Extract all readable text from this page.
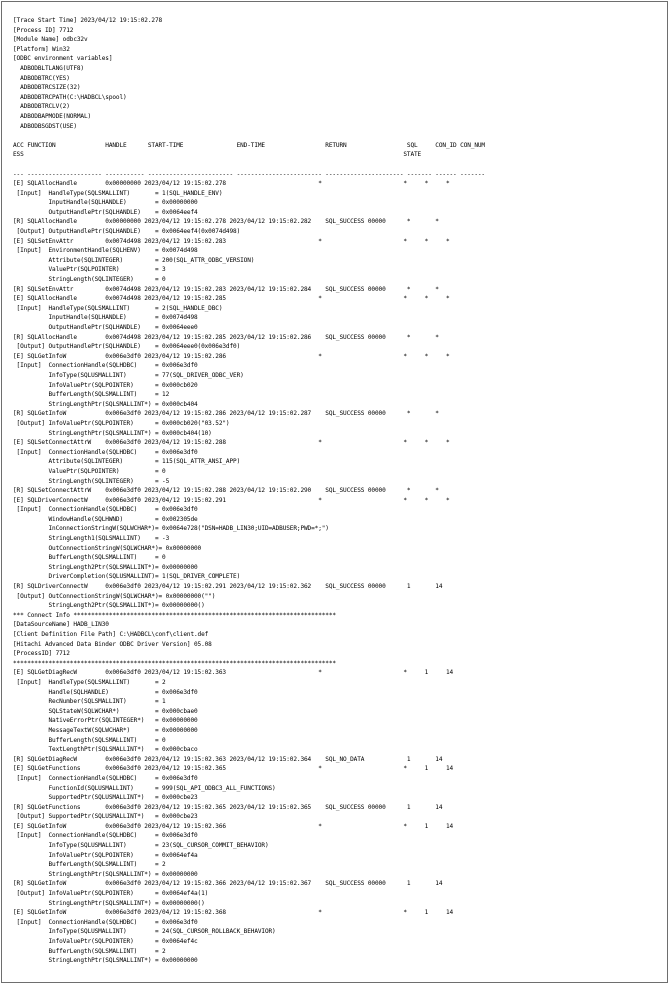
[Trace Start Time] 2023/04/12 19:15:02.278
[Process ID] 7712
[Module Name] odbc32v
[Platform] Win32
[ODBC environment variables]
ADBODBLTLANG(UTF8)
ADBODBTRC(YES)
ADBODBTRCSIZE(32)
ADBODBTRCPATH(C:\HADBCL\spool)
ADBODBTRCLV(2)
ADBODBAPMODE(NORMAL)
ADBODBSGDST(USE)

ACC FUNCTION              HANDLE      START-TIME               END-TIME                 RETURN                 SQL     CON_ID CON_NUM
ESS                                                                                                           STATE

--- --------------------- ----------- ------------------------ ------------------------ ---------------------- ------- ------ -------
[E] SQLAllocHandle        0x00000000 2023/04/12 19:15:02.278                          *                       *     *     *
[Input]  HandleType(SQLSMALLINT)       = 1(SQL_HANDLE_ENV)
InputHandle(SQLHANDLE)        = 0x00000000
OutputHandlePtr(SQLHANDLE)    = 0x0064eef4
[R] SQLAllocHandle        0x00000000 2023/04/12 19:15:02.278 2023/04/12 19:15:02.282    SQL_SUCCESS 00000      *       *
[Output] OutputHandlePtr(SQLHANDLE)    = 0x0064eef4(0x0074d498)
[E] SQLSetEnvAttr         0x0074d498 2023/04/12 19:15:02.283                          *                       *     *     *
[Input]  EnvironmentHandle(SQLHENV)    = 0x0074d498
Attribute(SQLINTEGER)         = 200(SQL_ATTR_ODBC_VERSION)
ValuePtr(SQLPOINTER)          = 3
StringLength(SQLINTEGER)      = 0
[R] SQLSetEnvAttr         0x0074d498 2023/04/12 19:15:02.283 2023/04/12 19:15:02.284    SQL_SUCCESS 00000      *       *
[E] SQLAllocHandle        0x0074d498 2023/04/12 19:15:02.285                          *                       *     *     *
[Input]  HandleType(SQLSMALLINT)       = 2(SQL_HANDLE_DBC)
InputHandle(SQLHANDLE)        = 0x0074d498
OutputHandlePtr(SQLHANDLE)    = 0x0064eee0
[R] SQLAllocHandle        0x0074d498 2023/04/12 19:15:02.285 2023/04/12 19:15:02.286    SQL_SUCCESS 00000      *       *
[Output] OutputHandlePtr(SQLHANDLE)    = 0x0064eee0(0x006e3df0)
[E] SQLGetInfoW           0x006e3df0 2023/04/12 19:15:02.286                          *                       *     *     *
[Input]  ConnectionHandle(SQLHDBC)     = 0x006e3df0
InfoType(SQLUSMALLINT)        = 77(SQL_DRIVER_ODBC_VER)
InfoValuePtr(SQLPOINTER)      = 0x000cb020
BufferLength(SQLSMALLINT)     = 12
StringLengthPtr(SQLSMALLINT*) = 0x000cb404
[R] SQLGetInfoW           0x006e3df0 2023/04/12 19:15:02.286 2023/04/12 19:15:02.287    SQL_SUCCESS 00000      *       *
[Output] InfoValuePtr(SQLPOINTER)      = 0x000cb020("03.52")
StringLengthPtr(SQLSMALLINT*) = 0x000cb404(10)
[E] SQLSetConnectAttrW    0x006e3df0 2023/04/12 19:15:02.288                          *                       *     *     *
[Input]  ConnectionHandle(SQLHDBC)     = 0x006e3df0
Attribute(SQLINTEGER)         = 115(SQL_ATTR_ANSI_APP)
ValuePtr(SQLPOINTER)          = 0
StringLength(SQLINTEGER)      = -5
[R] SQLSetConnectAttrW    0x006e3df0 2023/04/12 19:15:02.288 2023/04/12 19:15:02.290    SQL_SUCCESS 00000      *       *
[E] SQLDriverConnectW     0x006e3df0 2023/04/12 19:15:02.291                          *                       *     *     *
[Input]  ConnectionHandle(SQLHDBC)     = 0x006e3df0
WindowHandle(SQLHWND)         = 0x002305de
InConnectionStringW(SQLWCHAR*)= 0x0064e728("DSN=HADB_LIN30;UID=ADBUSER;PWD=*;")
StringLength1(SQLSMALLINT)    = -3
OutConnectionStringW(SQLWCHAR*)= 0x00000000
BufferLength(SQLSMALLINT)     = 0
StringLength2Ptr(SQLSMALLINT*)= 0x00000000
DriverCompletion(SQLUSMALLINT)= 1(SQL_DRIVER_COMPLETE)
[R] SQLDriverConnectW     0x006e3df0 2023/04/12 19:15:02.291 2023/04/12 19:15:02.362    SQL_SUCCESS 00000      1       14
[Output] OutConnectionStringW(SQLWCHAR*)= 0x00000000("")
StringLength2Ptr(SQLSMALLINT*)= 0x00000000()
*** Connect Info **************************************************************************
[DataSourceName] HADB_LIN30
[Client Definition File Path] C:\HADBCL\conf\client.def
[Hitachi Advanced Data Binder ODBC Driver Version] 05.08
[ProcessID] 7712
*******************************************************************************************
[E] SQLGetDiagRecW        0x006e3df0 2023/04/12 19:15:02.363                          *                       *     1     14
[Input]  HandleType(SQLSMALLINT)       = 2
Handle(SQLHANDLE)             = 0x006e3df0
RecNumber(SQLSMALLINT)        = 1
SQLStateW(SQLWCHAR*)          = 0x000cbae0
NativeErrorPtr(SQLINTEGER*)   = 0x00000000
MessageTextW(SQLWCHAR*)       = 0x00000000
BufferLength(SQLSMALLINT)     = 0
TextLengthPtr(SQLSMALLINT*)   = 0x000cbaco
[R] SQLGetDiagRecW        0x006e3df0 2023/04/12 19:15:02.363 2023/04/12 19:15:02.364    SQL_NO_DATA            1       14
[E] SQLGetFunctions       0x006e3df0 2023/04/12 19:15:02.365                          *                       *     1     14
[Input]  ConnectionHandle(SQLHDBC)     = 0x006e3df0
FunctionId(SQLUSMALLINT)      = 999(SQL_API_ODBC3_ALL_FUNCTIONS)
SupportedPtr(SQLUSMALLINT*)   = 0x000cbe23
[R] SQLGetFunctions       0x006e3df0 2023/04/12 19:15:02.365 2023/04/12 19:15:02.365    SQL_SUCCESS 00000      1       14
[Output] SupportedPtr(SQLUSMALLINT*)   = 0x000cbe23
[E] SQLGetInfoW           0x006e3df0 2023/04/12 19:15:02.366                          *                       *     1     14
[Input]  ConnectionHandle(SQLHDBC)     = 0x006e3df0
InfoType(SQLUSMALLINT)        = 23(SQL_CURSOR_COMMIT_BEHAVIOR)
InfoValuePtr(SQLPOINTER)      = 0x0064ef4a
BufferLength(SQLSMALLINT)     = 2
StringLengthPtr(SQLSMALLINT*) = 0x00000000
[R] SQLGetInfoW           0x006e3df0 2023/04/12 19:15:02.366 2023/04/12 19:15:02.367    SQL_SUCCESS 00000      1       14
[Output] InfoValuePtr(SQLPOINTER)      = 0x0064ef4a(1)
StringLengthPtr(SQLSMALLINT*) = 0x00000000()
[E] SQLGetInfoW           0x006e3df0 2023/04/12 19:15:02.368                          *                       *     1     14
[Input]  ConnectionHandle(SQLHDBC)     = 0x006e3df0
InfoType(SQLUSMALLINT)        = 24(SQL_CURSOR_ROLLBACK_BEHAVIOR)
InfoValuePtr(SQLPOINTER)      = 0x0064ef4c
BufferLength(SQLSMALLINT)     = 2
StringLengthPtr(SQLSMALLINT*) = 0x00000000
